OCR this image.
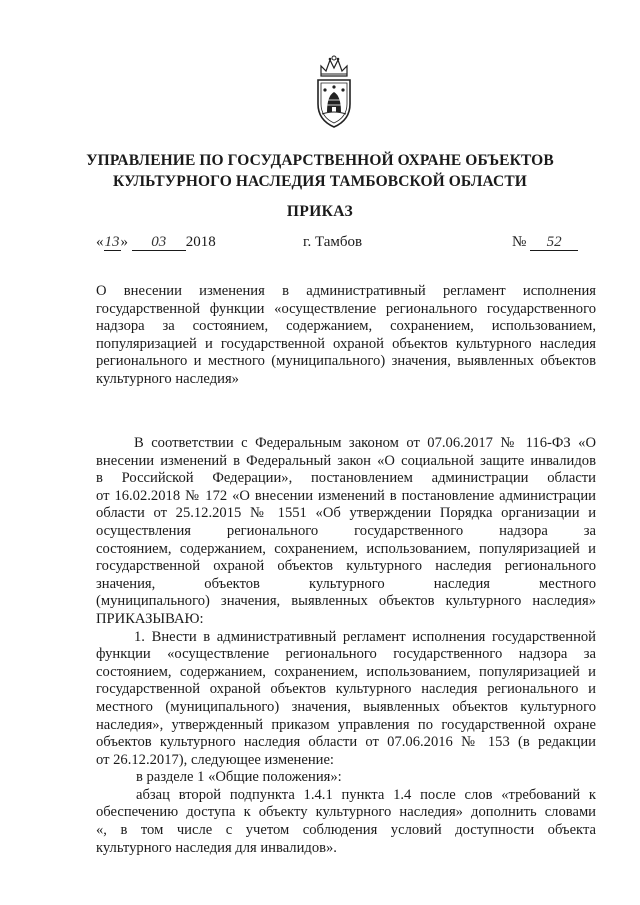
УПРАВЛЕНИЕ ПО ГОСУДАРСТВЕННОЙ ОХРАНЕ ОБЪЕКТОВ
КУЛЬТУРНОГО НАСЛЕДИЯ ТАМБОВСКОЙ ОБЛАСТИ
ПРИКАЗ
«13» 03 2018	г. Тамбов	№ 52
О внесении изменения в административный регламент исполнения
государственной функции «осуществление регионального государственного
надзора за состоянием, содержанием, сохранением, использованием,
популяризацией и государственной охраной объектов культурного наследия
регионального и местного (муниципального) значения, выявленных объектов
культурного наследия»
В соответствии с Федеральным законом от 07.06.2017 № 116-ФЗ «О
внесении изменений в Федеральный закон «О социальной защите инвалидов
в Российской Федерации», постановлением администрации области
от 16.02.2018 № 172 «О внесении изменений в постановление администрации
области от 25.12.2015 № 1551 «Об утверждении Порядка организации и
осуществления регионального государственного надзора за
состоянием, содержанием, сохранением, использованием, популяризацией и
государственной охраной объектов культурного наследия регионального
значения, объектов культурного наследия местного
(муниципального) значения, выявленных объектов культурного наследия»
ПРИКАЗЫВАЮ:
1. Внести в административный регламент исполнения государственной
функции «осуществление регионального государственного надзора за
состоянием, содержанием, сохранением, использованием, популяризацией и
государственной охраной объектов культурного наследия регионального и
местного (муниципального) значения, выявленных объектов культурного
наследия», утвержденный приказом управления по государственной охране
объектов культурного наследия области от 07.06.2016 № 153 (в редакции
от 26.12.2017), следующее изменение:
в разделе 1 «Общие положения»:
абзац второй подпункта 1.4.1 пункта 1.4 после слов «требований к
обеспечению доступа к объекту культурного наследия» дополнить словами
«, в том числе с учетом соблюдения условий доступности объекта
культурного наследия для инвалидов».
